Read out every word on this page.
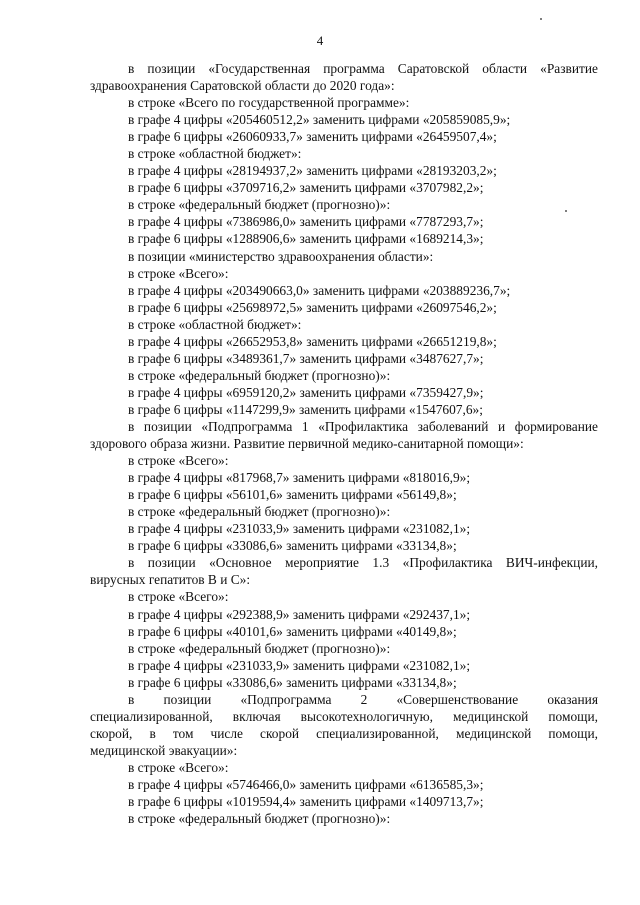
4
в позиции «Государственная программа Саратовской области «Развитие
здравоохранения Саратовской области до 2020 года»:
в строке «Всего по государственной программе»:
в графе 4 цифры «205460512,2» заменить цифрами «205859085,9»;
в графе 6 цифры «26060933,7» заменить цифрами «26459507,4»;
в строке «областной бюджет»:
в графе 4 цифры «28194937,2» заменить цифрами «28193203,2»;
в графе 6 цифры «3709716,2» заменить цифрами «3707982,2»;
в строке «федеральный бюджет (прогнозно)»:
в графе 4 цифры «7386986,0» заменить цифрами «7787293,7»;
в графе 6 цифры «1288906,6» заменить цифрами «1689214,3»;
в позиции «министерство здравоохранения области»:
в строке «Всего»:
в графе 4 цифры «203490663,0» заменить цифрами «203889236,7»;
в графе 6 цифры «25698972,5» заменить цифрами «26097546,2»;
в строке «областной бюджет»:
в графе 4 цифры «26652953,8» заменить цифрами «26651219,8»;
в графе 6 цифры «3489361,7» заменить цифрами «3487627,7»;
в строке «федеральный бюджет (прогнозно)»:
в графе 4 цифры «6959120,2» заменить цифрами «7359427,9»;
в графе 6 цифры «1147299,9» заменить цифрами «1547607,6»;
в позиции «Подпрограмма 1 «Профилактика заболеваний и формирование
здорового образа жизни. Развитие первичной медико-санитарной помощи»:
в строке «Всего»:
в графе 4 цифры «817968,7» заменить цифрами «818016,9»;
в графе 6 цифры «56101,6» заменить цифрами «56149,8»;
в строке «федеральный бюджет (прогнозно)»:
в графе 4 цифры «231033,9» заменить цифрами «231082,1»;
в графе 6 цифры «33086,6» заменить цифрами «33134,8»;
в позиции «Основное мероприятие 1.3 «Профилактика ВИЧ-инфекции,
вирусных гепатитов В и С»:
в строке «Всего»:
в графе 4 цифры «292388,9» заменить цифрами «292437,1»;
в графе 6 цифры «40101,6» заменить цифрами «40149,8»;
в строке «федеральный бюджет (прогнозно)»:
в графе 4 цифры «231033,9» заменить цифрами «231082,1»;
в графе 6 цифры «33086,6» заменить цифрами «33134,8»;
в позиции «Подпрограмма 2 «Совершенствование оказания
специализированной, включая высокотехнологичную, медицинской помощи,
скорой, в том числе скорой специализированной, медицинской помощи,
медицинской эвакуации»:
в строке «Всего»:
в графе 4 цифры «5746466,0» заменить цифрами «6136585,3»;
в графе 6 цифры «1019594,4» заменить цифрами «1409713,7»;
в строке «федеральный бюджет (прогнозно)»:
